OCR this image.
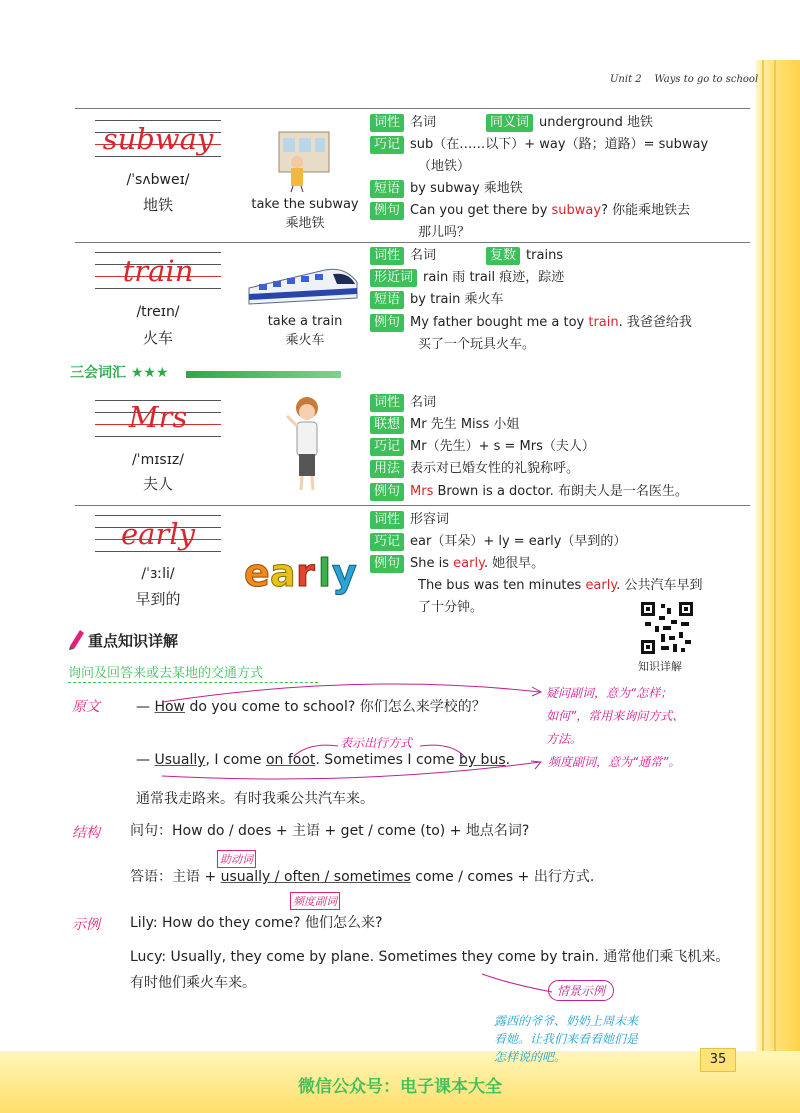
Unit 2 Ways to go to school
subway
/ˈsʌbweɪ/
地铁	take the subway
乘地铁
词性 名词	同义词 underground 地铁
巧记 sub（在……以下）+ way（路；道路）= subway
（地铁）
短语 by subway 乘地铁
例句 Can you get there by subway? 你能乘地铁去
那儿吗？
train
/treɪn/
火车
take a train
乘火车
词性 名词	复数 trains
形近词 rain 雨 trail 痕迹，踪迹
短语 by train 乘火车
例句 My father bought me a toy train. 我爸爸给我
买了一个玩具火车。
三会词汇 ★★★
Mrs
/ˈmɪsɪz/
夫人
词性 名词
联想 Mr 先生 Miss 小姐
巧记 Mr（先生）+ s = Mrs（夫人）
用法 表示对已婚女性的礼貌称呼。
例句 Mrs Brown is a doctor. 布朗夫人是一名医生。
early
/ˈɜːli/
早到的
e a r l y
词性 形容词
巧记 ear（耳朵）+ ly = early（早到的）
例句 She is early. 她很早。
The bus was ten minutes early. 公共汽车早到
了十分钟。
知识详解
重点知识详解
询问及回答来或去某地的交通方式
原文	— How do you come to school? 你们怎么来学校的？
疑问副词，意为“怎样；
如何”，常用来询问方式、
方法。
表示出行方式
— Usually, I come on foot. Sometimes I come by bus.	频度副词，意为“通常”。
通常我走路来。有时我乘公共汽车来。
结构 问句：How do / does + 主语 + get / come (to) + 地点名词?
助动词
答语：主语 + usually / often / sometimes come / comes + 出行方式.
频度副词
示例 Lily: How do they come? 他们怎么来?
Lucy: Usually, they come by plane. Sometimes they come by train. 通常他们乘飞机来。
有时他们乘火车来。	情景示例
露西的爷爷、奶奶上周末来
看她。让我们来看看她们是
怎样说的吧。	35
微信公众号：电子课本大全
